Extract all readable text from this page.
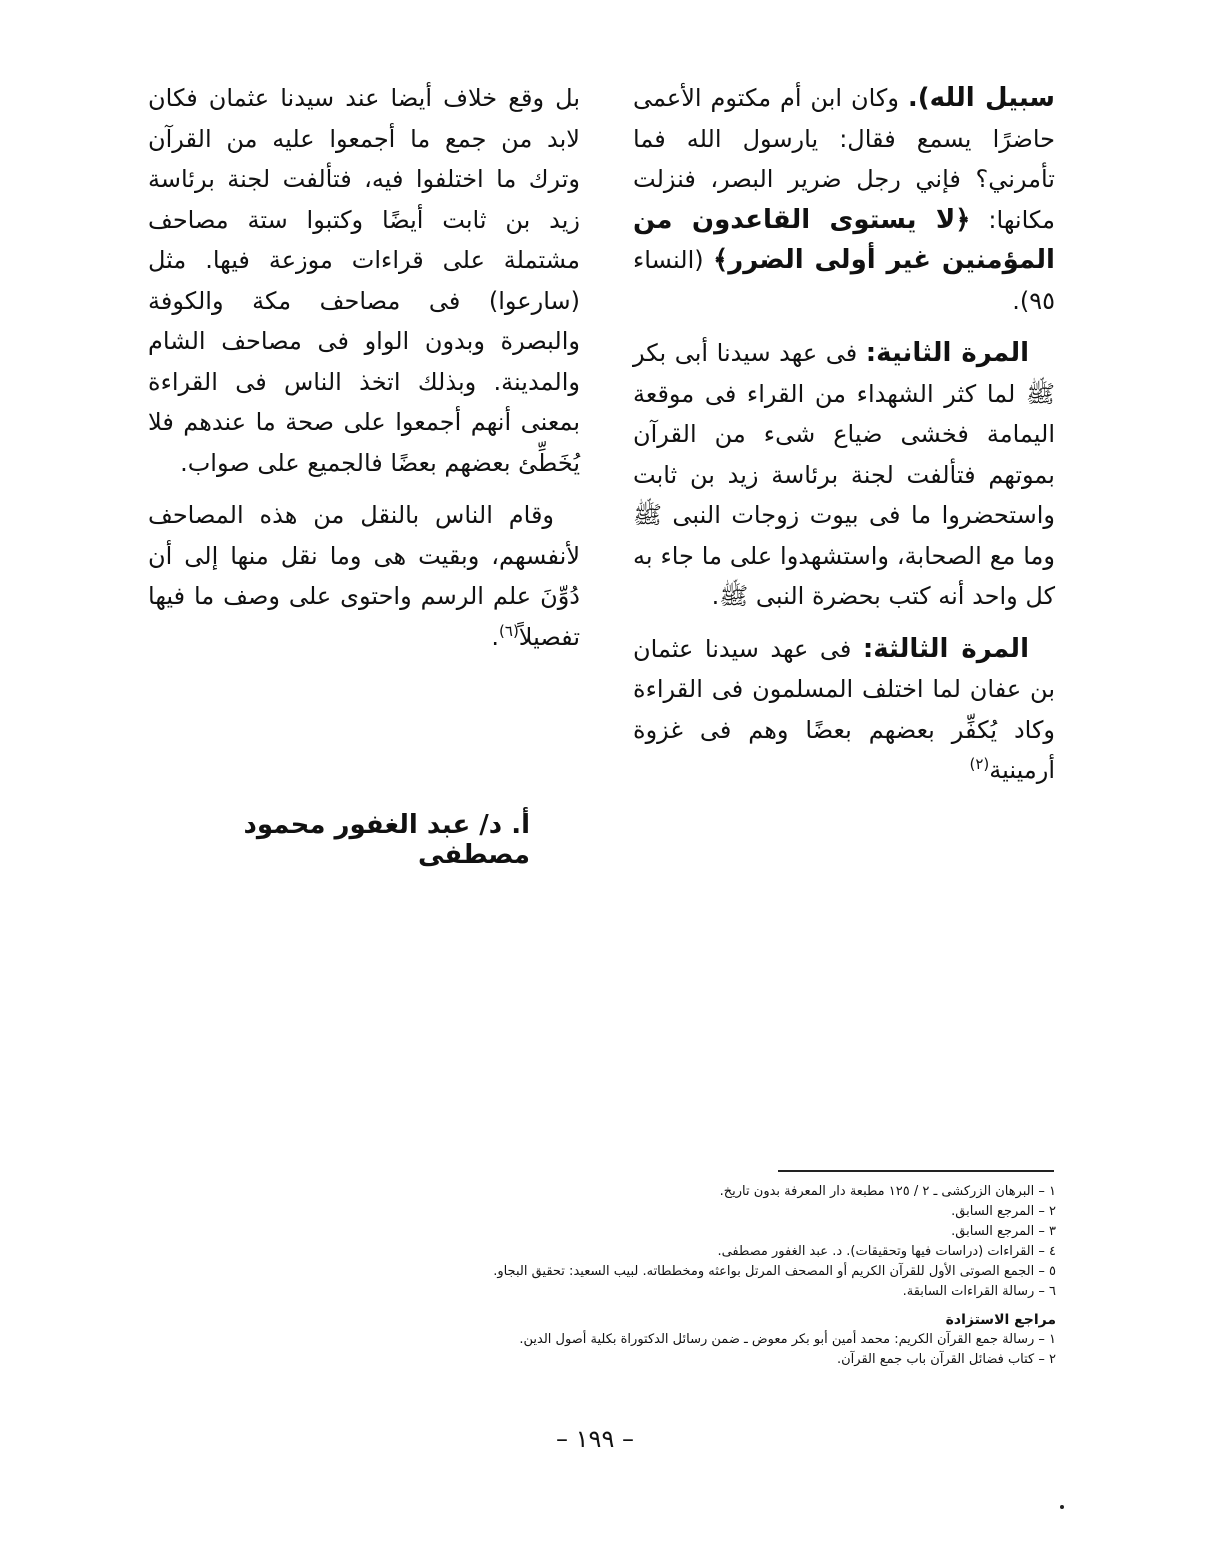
سبيل الله). وكان ابن أم مكتوم الأعمى حاضرًا يسمع فقال: يارسول الله فما تأمرني؟ فإني رجل ضرير البصر، فنزلت مكانها: ﴿لا يستوى القاعدون من المؤمنين غير أولى الضرر﴾ (النساء ٩٥).

المرة الثانية: فى عهد سيدنا أبى بكر ﷺ لما كثر الشهداء من القراء فى موقعة اليمامة فخشى ضياع شىء من القرآن بموتهم فتألفت لجنة برئاسة زيد بن ثابت واستحضروا ما فى بيوت زوجات النبى ﷺ وما مع الصحابة، واستشهدوا على ما جاء به كل واحد أنه كتب بحضرة النبى ﷺ.

المرة الثالثة: فى عهد سيدنا عثمان بن عفان لما اختلف المسلمون فى القراءة وكاد يُكفِّر بعضهم بعضًا وهم فى غزوة أرمينية$^{(٢)}$

بل وقع خلاف أيضا عند سيدنا عثمان فكان لابد من جمع ما أجمعوا عليه من القرآن وترك ما اختلفوا فيه، فتألفت لجنة برئاسة زيد بن ثابت أيضًا وكتبوا ستة مصاحف مشتملة على قراءات موزعة فيها. مثل (سارعوا) فى مصاحف مكة والكوفة والبصرة وبدون الواو فى مصاحف الشام والمدينة. وبذلك اتخذ الناس فى القراءة بمعنى أنهم أجمعوا على صحة ما عندهم فلا يُخَطِّئ بعضهم بعضًا فالجميع على صواب.

وقام الناس بالنقل من هذه المصاحف لأنفسهم، وبقيت هى وما نقل منها إلى أن دُوِّنَ علم الرسم واحتوى على وصف ما فيها تفصيلاً$^{(٦)}$.

أ. د/ عبد الغفور محمود مصطفى
١ – البرهان الزركشى ـ ٢ / ١٢٥ مطبعة دار المعرفة بدون تاريخ.
٢ – المرجع السابق.
٣ – المرجع السابق.
٤ – القراءات (دراسات فيها وتحقيقات). د. عبد الغفور مصطفى.
٥ – الجمع الصوتى الأول للقرآن الكريم أو المصحف المرتل بواعثه ومخططاته. لبيب السعيد: تحقيق البجاو.
٦ – رسالة القراءات السابقة.
مراجع الاستزادة
١ – رسالة جمع القرآن الكريم: محمد أمين أبو بكر معوض ـ ضمن رسائل الدكتوراة بكلية أصول الدين.
٢ – كتاب فضائل القرآن باب جمع القرآن.
– ١٩٩ –
